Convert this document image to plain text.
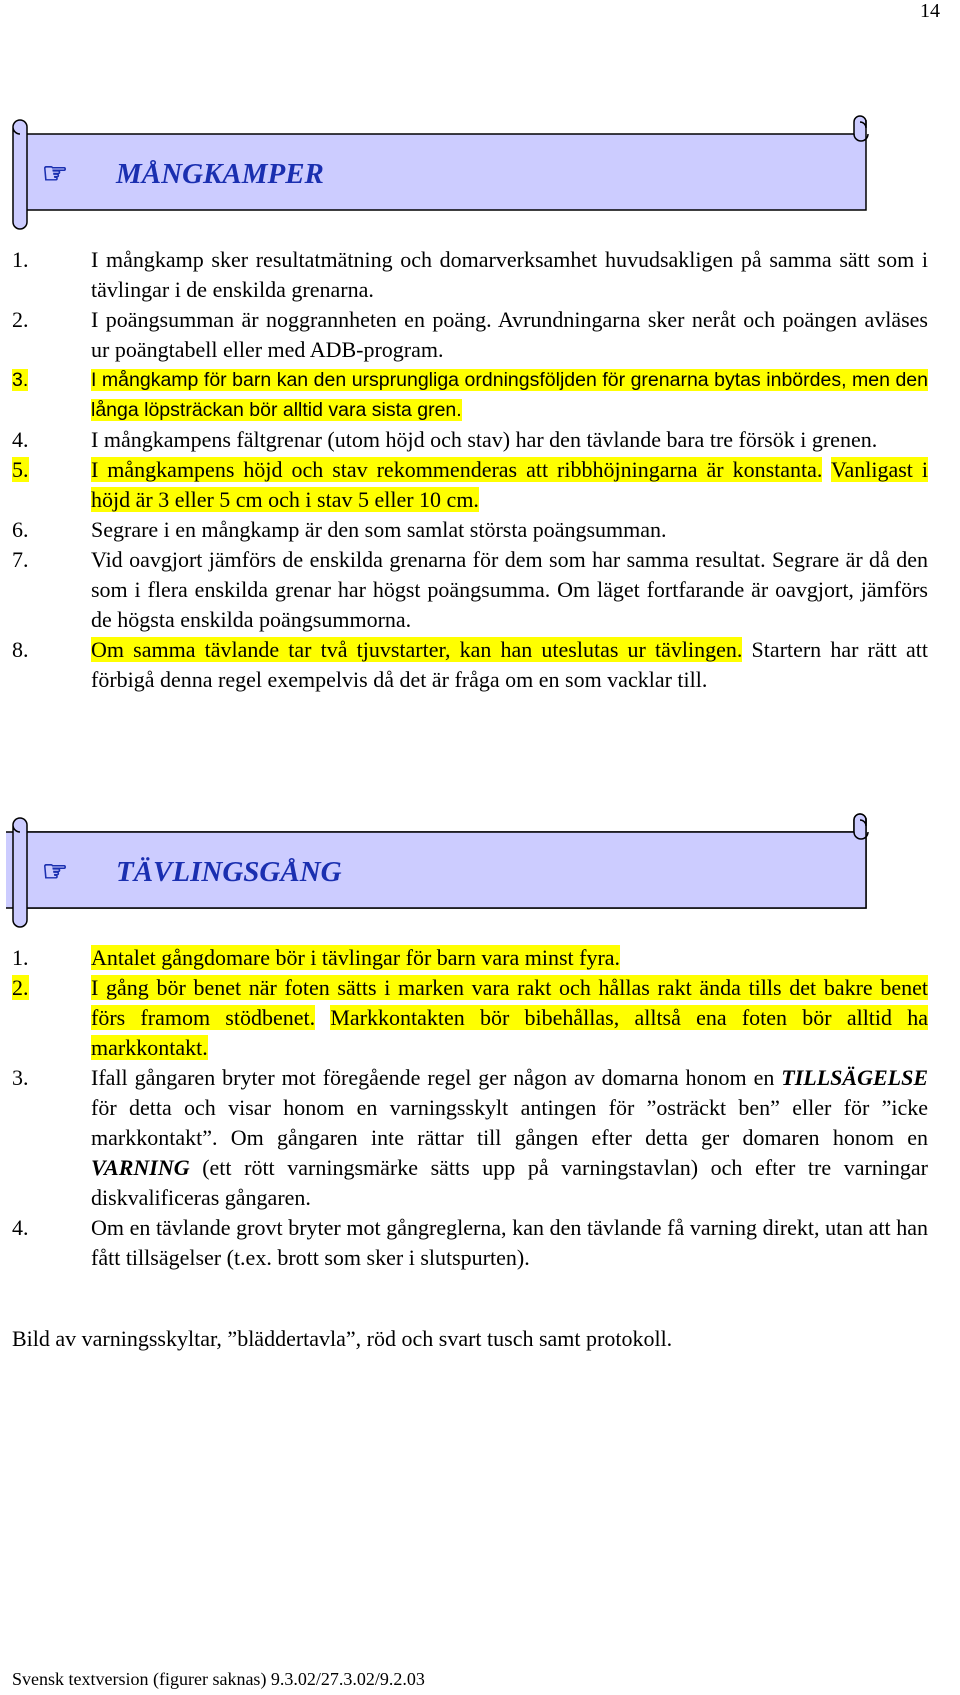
14
☞ MÅNGKAMPER
1.	I mångkamp sker resultatmätning och domarverksamhet huvudsakligen på samma sätt som i tävlingar i de enskilda grenarna.
2.	I poängsumman är noggrannheten en poäng. Avrundningarna sker neråt och poängen avläses ur poängtabell eller med ADB-program.
3.	I mångkamp för barn kan den ursprungliga ordningsföljden för grenarna bytas inbördes, men den långa löpsträckan bör alltid vara sista gren.
4.	I mångkampens fältgrenar (utom höjd och stav) har den tävlande bara tre försök i grenen.
5.	I mångkampens höjd och stav rekommenderas att ribbhöjningarna är konstanta. Vanligast i höjd är 3 eller 5 cm och i stav 5 eller 10 cm.
6.	Segrare i en mångkamp är den som samlat största poängsumman.
7.	Vid oavgjort jämförs de enskilda grenarna för dem som har samma resultat. Segrare är då den som i flera enskilda grenar har högst poängsumma. Om läget fortfarande är oavgjort, jämförs de högsta enskilda poängsummorna.
8.	Om samma tävlande tar två tjuvstarter, kan han uteslutas ur tävlingen. Startern har rätt att förbigå denna regel exempelvis då det är fråga om en som vacklar till.
☞ TÄVLINGSGÅNG
1.	Antalet gångdomare bör i tävlingar för barn vara minst fyra.
2.	I gång bör benet när foten sätts i marken vara rakt och hållas rakt ända tills det bakre benet förs framom stödbenet. Markkontakten bör bibehållas, alltså ena foten bör alltid ha markkontakt.
3.	Ifall gångaren bryter mot föregående regel ger någon av domarna honom en TILLSÄGELSE för detta och visar honom en varningsskylt antingen för ”osträckt ben” eller för ”icke markkontakt”. Om gångaren inte rättar till gången efter detta ger domaren honom en VARNING (ett rött varningsmärke sätts upp på varningstavlan) och efter tre varningar diskvalificeras gångaren.
4.	Om en tävlande grovt bryter mot gångreglerna, kan den tävlande få varning direkt, utan att han fått tillsägelser (t.ex. brott som sker i slutspurten).
Bild av varningsskyltar, ”bläddertavla”, röd och svart tusch samt protokoll.
Svensk textversion (figurer saknas) 9.3.02/27.3.02/9.2.03
